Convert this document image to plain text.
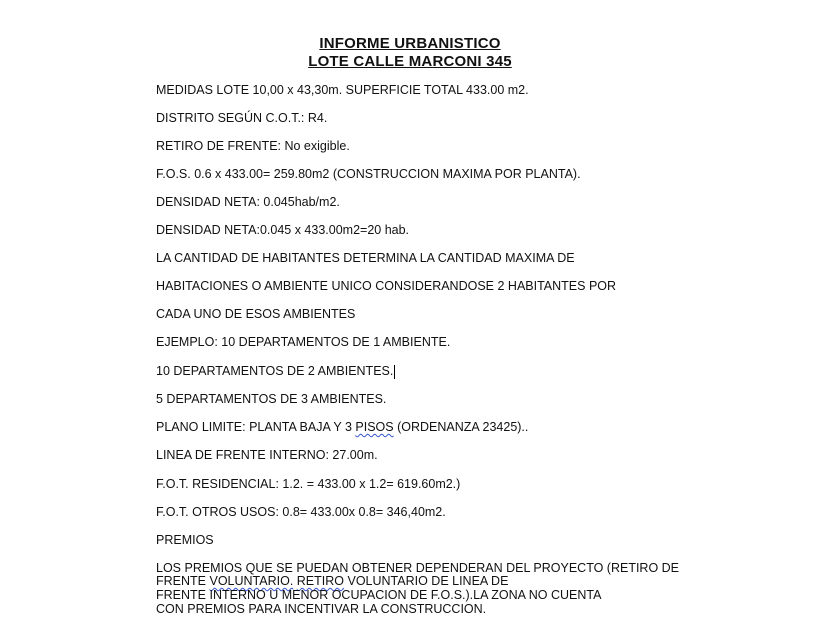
INFORME URBANISTICO
LOTE CALLE MARCONI 345
MEDIDAS LOTE 10,00 x 43,30m. SUPERFICIE TOTAL 433.00 m2.
DISTRITO SEGÚN C.O.T.: R4.
RETIRO DE FRENTE: No exigible.
F.O.S. 0.6 x 433.00= 259.80m2 (CONSTRUCCION MAXIMA POR PLANTA).
DENSIDAD NETA: 0.045hab/m2.
DENSIDAD NETA:0.045 x 433.00m2=20 hab.
LA CANTIDAD DE HABITANTES DETERMINA LA CANTIDAD MAXIMA DE
HABITACIONES O AMBIENTE UNICO CONSIDERANDOSE 2 HABITANTES POR
CADA UNO DE ESOS AMBIENTES
EJEMPLO: 10 DEPARTAMENTOS DE 1 AMBIENTE.
10 DEPARTAMENTOS DE 2 AMBIENTES.
5 DEPARTAMENTOS DE 3 AMBIENTES.
PLANO LIMITE: PLANTA BAJA Y 3 PISOS (ORDENANZA 23425)..
LINEA DE FRENTE INTERNO: 27.00m.
F.O.T. RESIDENCIAL: 1.2. = 433.00 x 1.2= 619.60m2.)
F.O.T. OTROS USOS: 0.8= 433.00x 0.8= 346,40m2.
PREMIOS
LOS PREMIOS QUE SE PUEDAN OBTENER DEPENDERAN DEL PROYECTO (RETIRO DE
FRENTE VOLUNTARIO. RETIRO VOLUNTARIO DE LINEA DE
FRENTE INTERNO U MENOR OCUPACION DE F.O.S.).LA ZONA NO CUENTA
CON PREMIOS PARA INCENTIVAR LA CONSTRUCCION.
